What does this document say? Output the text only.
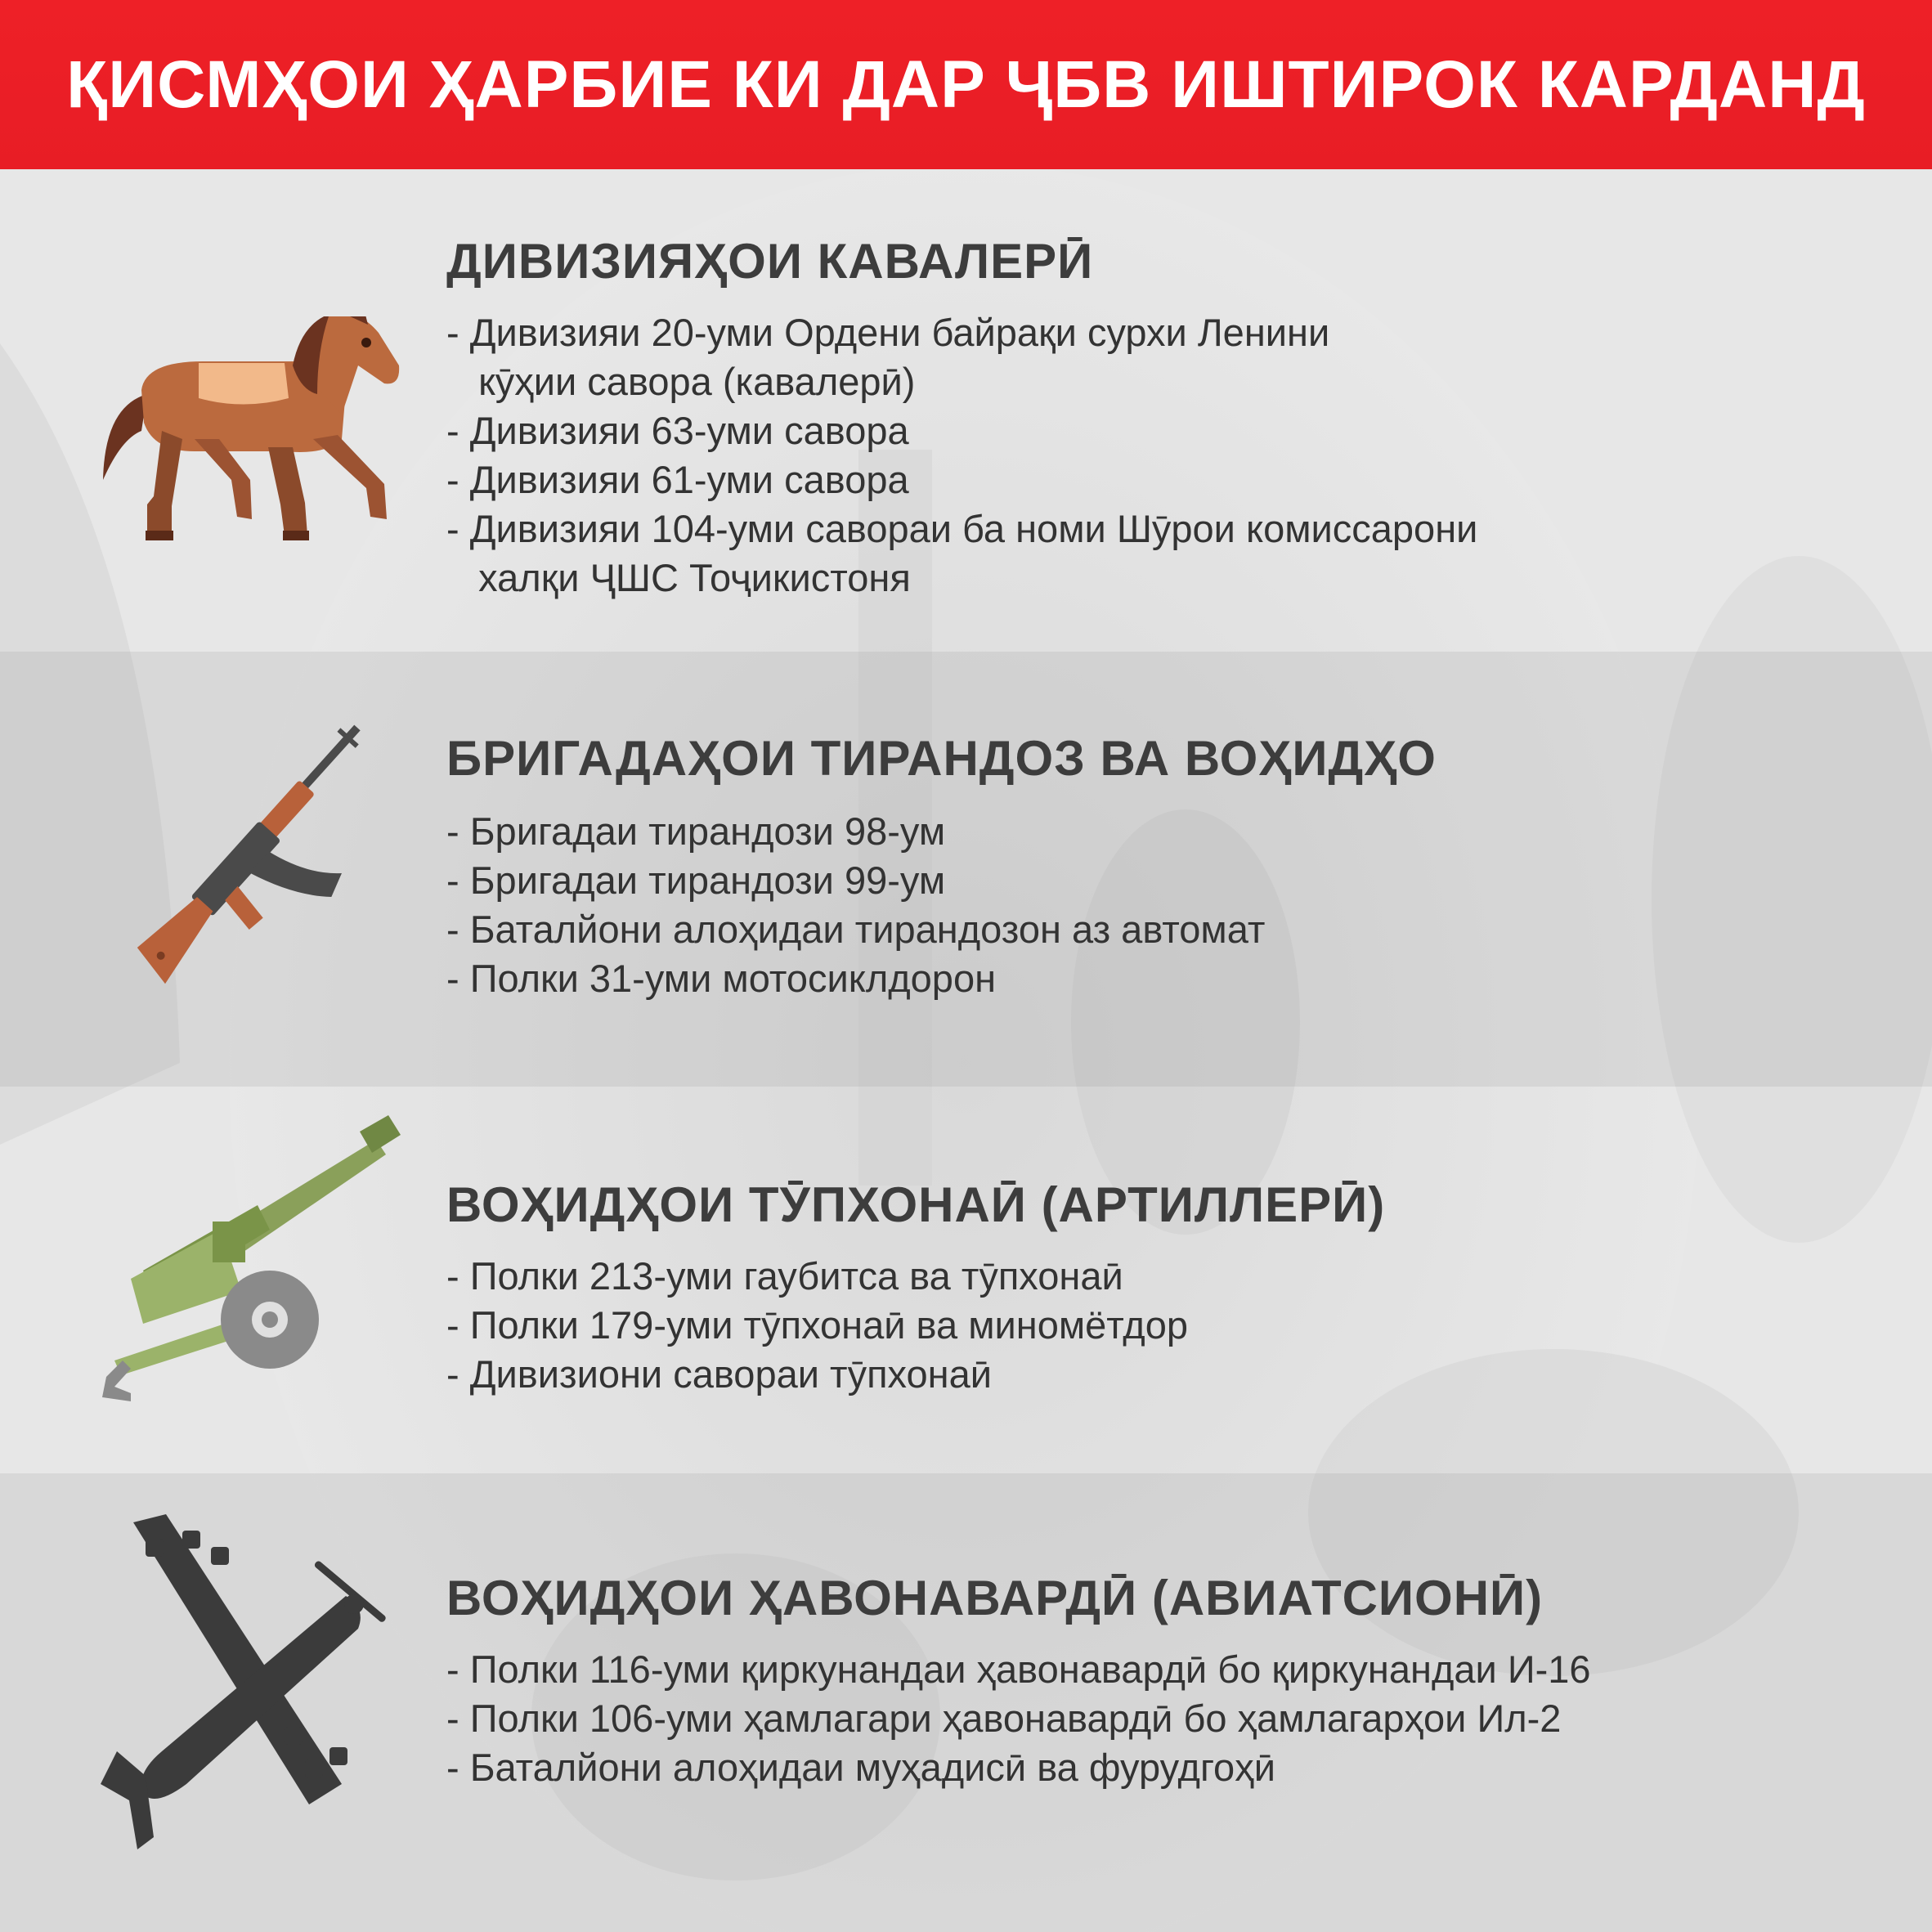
ҚИСМҲОИ ҲАРБИЕ КИ ДАР ҶБВ ИШТИРОК КАРДАНД
ДИВИЗИЯҲОИ КАВАЛЕРӢ
- Дивизияи 20-уми Ордени байрақи сурхи Ленини
кӯҳии савора (кавалерӣ)
- Дивизияи 63-уми савора
- Дивизияи 61-уми савора
- Дивизияи 104-уми савораи ба номи Шӯрои комиссарони
халқи ҶШС Тоҷикистоня
БРИГАДАҲОИ ТИРАНДОЗ ВА ВОҲИДҲО
- Бригадаи тирандози 98-ум
- Бригадаи тирандози 99-ум
- Баталйони алоҳидаи тирандозон аз автомат
- Полки 31-уми мотосиклдорон
ВОҲИДҲОИ ТӮПХОНАӢ (АРТИЛЛЕРӢ)
- Полки 213-уми гаубитса ва тӯпхонаӣ
- Полки 179-уми тӯпхонаӣ ва миномётдор
- Дивизиони савораи тӯпхонаӣ
ВОҲИДҲОИ ҲАВОНАВАРДӢ (АВИАТСИОНӢ)
- Полки 116-уми қиркунандаи ҳавонавардӣ бо қиркунандаи И-16
- Полки 106-уми ҳамлагари ҳавонавардӣ бо ҳамлагарҳои Ил-2
- Баталйони алоҳидаи муҳадисӣ ва фурудгоҳӣ
